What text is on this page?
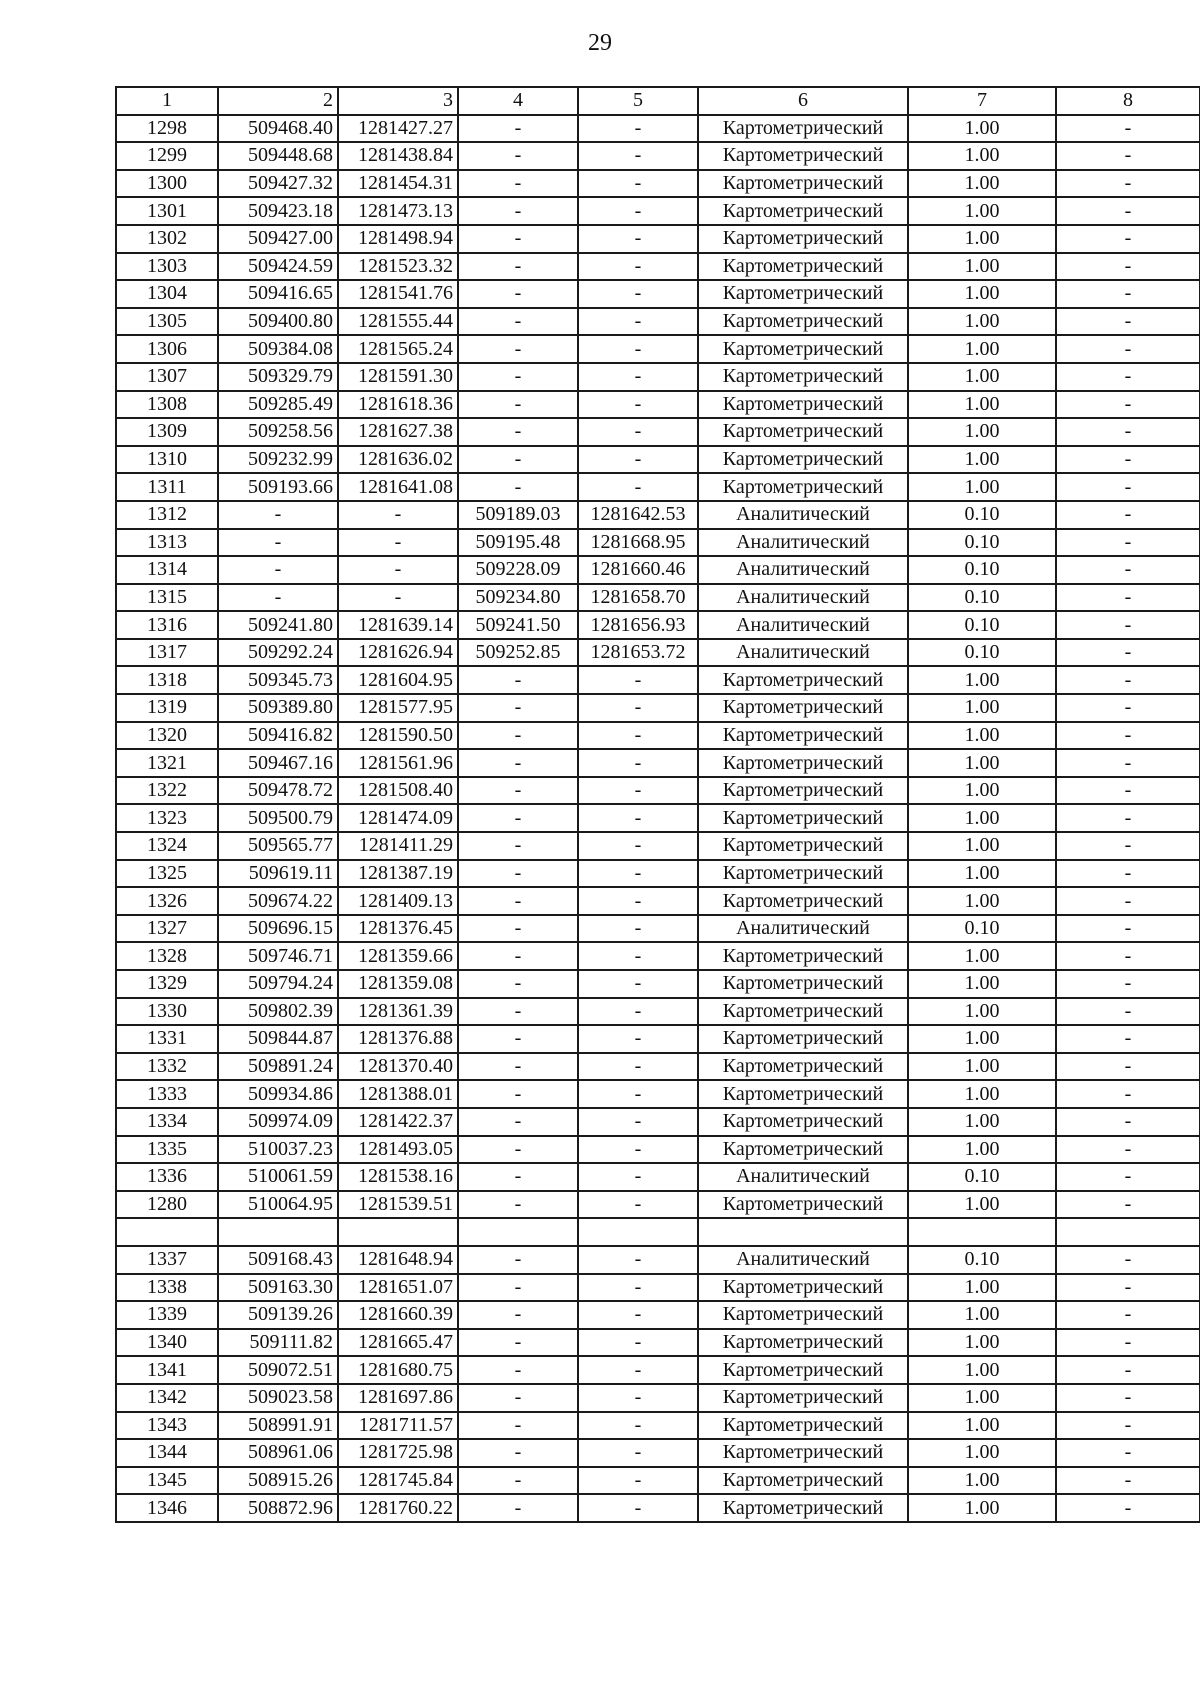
29
1	2	3	4	5	6	7	8
1298	509468.40	1281427.27	-	-	Картометрический	1.00	-
1299	509448.68	1281438.84	-	-	Картометрический	1.00	-
1300	509427.32	1281454.31	-	-	Картометрический	1.00	-
1301	509423.18	1281473.13	-	-	Картометрический	1.00	-
1302	509427.00	1281498.94	-	-	Картометрический	1.00	-
1303	509424.59	1281523.32	-	-	Картометрический	1.00	-
1304	509416.65	1281541.76	-	-	Картометрический	1.00	-
1305	509400.80	1281555.44	-	-	Картометрический	1.00	-
1306	509384.08	1281565.24	-	-	Картометрический	1.00	-
1307	509329.79	1281591.30	-	-	Картометрический	1.00	-
1308	509285.49	1281618.36	-	-	Картометрический	1.00	-
1309	509258.56	1281627.38	-	-	Картометрический	1.00	-
1310	509232.99	1281636.02	-	-	Картометрический	1.00	-
1311	509193.66	1281641.08	-	-	Картометрический	1.00	-
1312	-	-	509189.03	1281642.53	Аналитический	0.10	-
1313	-	-	509195.48	1281668.95	Аналитический	0.10	-
1314	-	-	509228.09	1281660.46	Аналитический	0.10	-
1315	-	-	509234.80	1281658.70	Аналитический	0.10	-
1316	509241.80	1281639.14	509241.50	1281656.93	Аналитический	0.10	-
1317	509292.24	1281626.94	509252.85	1281653.72	Аналитический	0.10	-
1318	509345.73	1281604.95	-	-	Картометрический	1.00	-
1319	509389.80	1281577.95	-	-	Картометрический	1.00	-
1320	509416.82	1281590.50	-	-	Картометрический	1.00	-
1321	509467.16	1281561.96	-	-	Картометрический	1.00	-
1322	509478.72	1281508.40	-	-	Картометрический	1.00	-
1323	509500.79	1281474.09	-	-	Картометрический	1.00	-
1324	509565.77	1281411.29	-	-	Картометрический	1.00	-
1325	509619.11	1281387.19	-	-	Картометрический	1.00	-
1326	509674.22	1281409.13	-	-	Картометрический	1.00	-
1327	509696.15	1281376.45	-	-	Аналитический	0.10	-
1328	509746.71	1281359.66	-	-	Картометрический	1.00	-
1329	509794.24	1281359.08	-	-	Картометрический	1.00	-
1330	509802.39	1281361.39	-	-	Картометрический	1.00	-
1331	509844.87	1281376.88	-	-	Картометрический	1.00	-
1332	509891.24	1281370.40	-	-	Картометрический	1.00	-
1333	509934.86	1281388.01	-	-	Картометрический	1.00	-
1334	509974.09	1281422.37	-	-	Картометрический	1.00	-
1335	510037.23	1281493.05	-	-	Картометрический	1.00	-
1336	510061.59	1281538.16	-	-	Аналитический	0.10	-
1280	510064.95	1281539.51	-	-	Картометрический	1.00	-

1337	509168.43	1281648.94	-	-	Аналитический	0.10	-
1338	509163.30	1281651.07	-	-	Картометрический	1.00	-
1339	509139.26	1281660.39	-	-	Картометрический	1.00	-
1340	509111.82	1281665.47	-	-	Картометрический	1.00	-
1341	509072.51	1281680.75	-	-	Картометрический	1.00	-
1342	509023.58	1281697.86	-	-	Картометрический	1.00	-
1343	508991.91	1281711.57	-	-	Картометрический	1.00	-
1344	508961.06	1281725.98	-	-	Картометрический	1.00	-
1345	508915.26	1281745.84	-	-	Картометрический	1.00	-
1346	508872.96	1281760.22	-	-	Картометрический	1.00	-
